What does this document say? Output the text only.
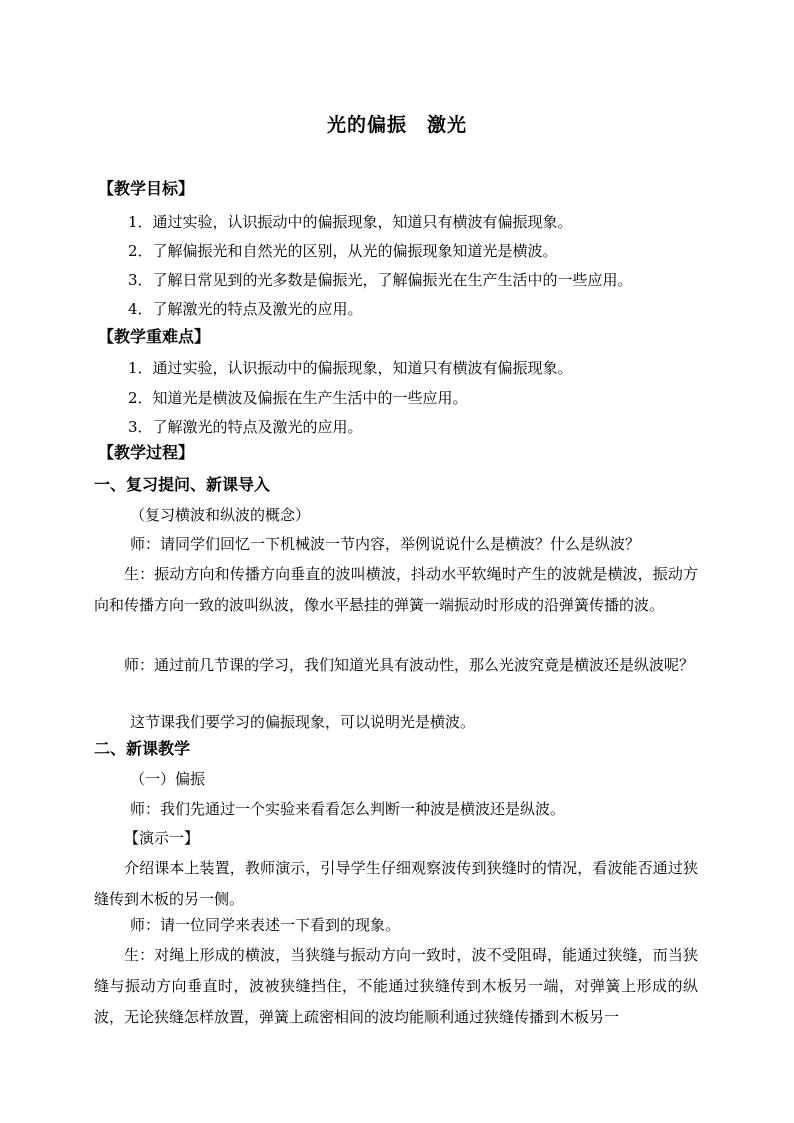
光的偏振　激光
【教学目标】
1．通过实验，认识振动中的偏振现象，知道只有横波有偏振现象。
2．了解偏振光和自然光的区别，从光的偏振现象知道光是横波。
3．了解日常见到的光多数是偏振光，了解偏振光在生产生活中的一些应用。
4．了解激光的特点及激光的应用。
【教学重难点】
1．通过实验，认识振动中的偏振现象，知道只有横波有偏振现象。
2．知道光是横波及偏振在生产生活中的一些应用。
3．了解激光的特点及激光的应用。
【教学过程】
一、复习提问、新课导入
（复习横波和纵波的概念）
师：请同学们回忆一下机械波一节内容，举例说说什么是横波？什么是纵波？
生：振动方向和传播方向垂直的波叫横波，抖动水平软绳时产生的波就是横波，振动方向和传播方向一致的波叫纵波，像水平悬挂的弹簧一端振动时形成的沿弹簧传播的波。
师：通过前几节课的学习，我们知道光具有波动性，那么光波究竟是横波还是纵波呢？
这节课我们要学习的偏振现象，可以说明光是横波。
二、新课教学
（一）偏振
师：我们先通过一个实验来看看怎么判断一种波是横波还是纵波。
【演示一】
介绍课本上装置，教师演示，引导学生仔细观察波传到狭缝时的情况，看波能否通过狭缝传到木板的另一侧。
师：请一位同学来表述一下看到的现象。
生：对绳上形成的横波，当狭缝与振动方向一致时，波不受阻碍，能通过狭缝，而当狭缝与振动方向垂直时，波被狭缝挡住，不能通过狭缝传到木板另一端，对弹簧上形成的纵波，无论狭缝怎样放置，弹簧上疏密相间的波均能顺利通过狭缝传播到木板另一
